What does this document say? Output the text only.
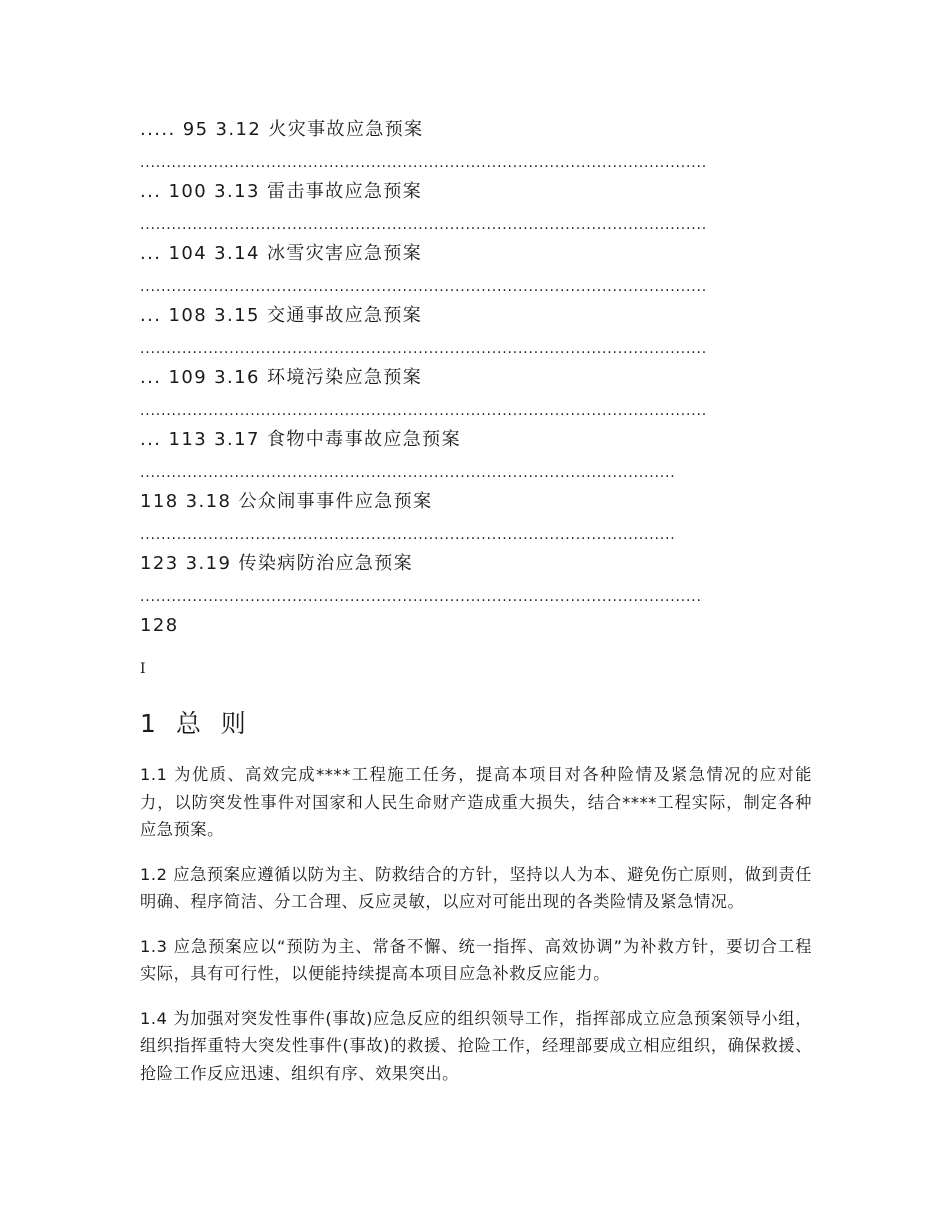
..... 95 3.12 火灾事故应急预案
............................................................................................................
... 100 3.13 雷击事故应急预案
............................................................................................................
... 104 3.14 冰雪灾害应急预案
............................................................................................................
... 108 3.15 交通事故应急预案
............................................................................................................
... 109 3.16 环境污染应急预案
............................................................................................................
... 113 3.17 食物中毒事故应急预案
......................................................................................................
118 3.18 公众闹事事件应急预案
......................................................................................................
123 3.19 传染病防治应急预案
...........................................................................................................
128
I
1 总 则

1.1 为优质、高效完成****工程施工任务，提高本项目对各种险情及紧急情况的应对能力，以防突发性事件对国家和人民生命财产造成重大损失，结合****工程实际，制定各种应急预案。

1.2 应急预案应遵循以防为主、防救结合的方针，坚持以人为本、避免伤亡原则，做到责任明确、程序简洁、分工合理、反应灵敏，以应对可能出现的各类险情及紧急情况。

1.3 应急预案应以“预防为主、常备不懈、统一指挥、高效协调”为补救方针，要切合工程实际，具有可行性，以便能持续提高本项目应急补救反应能力。

1.4 为加强对突发性事件(事故)应急反应的组织领导工作，指挥部成立应急预案领导小组，组织指挥重特大突发性事件(事故)的救援、抢险工作，经理部要成立相应组织，确保救援、抢险工作反应迅速、组织有序、效果突出。
